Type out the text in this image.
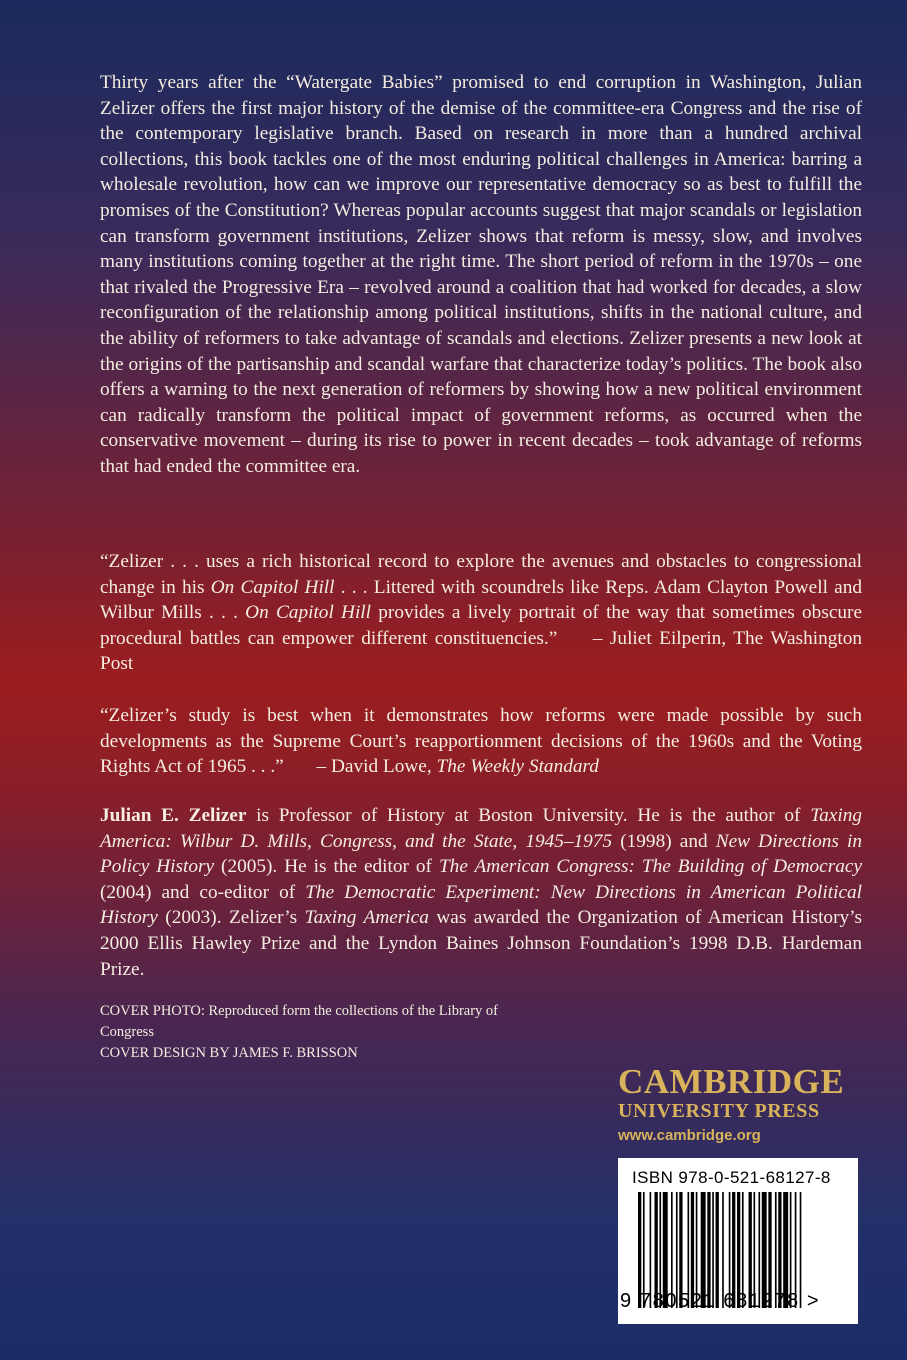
Thirty years after the “Watergate Babies” promised to end corruption in Washington, Julian Zelizer offers the first major history of the demise of the committee-era Congress and the rise of the contemporary legislative branch. Based on research in more than a hundred archival collections, this book tackles one of the most enduring political challenges in America: barring a wholesale revolution, how can we improve our representative democracy so as best to fulfill the promises of the Constitution? Whereas popular accounts suggest that major scandals or legislation can transform government institutions, Zelizer shows that reform is messy, slow, and involves many institutions coming together at the right time. The short period of reform in the 1970s – one that rivaled the Progressive Era – revolved around a coalition that had worked for decades, a slow reconfiguration of the relationship among political institutions, shifts in the national culture, and the ability of reformers to take advantage of scandals and elections. Zelizer presents a new look at the origins of the partisanship and scandal warfare that characterize today’s politics. The book also offers a warning to the next generation of reformers by showing how a new political environment can radically transform the political impact of government reforms, as occurred when the conservative movement – during its rise to power in recent decades – took advantage of reforms that had ended the committee era.

“Zelizer . . . uses a rich historical record to explore the avenues and obstacles to congressional change in his On Capitol Hill . . . Littered with scoundrels like Reps. Adam Clayton Powell and Wilbur Mills . . . On Capitol Hill provides a lively portrait of the way that sometimes obscure procedural battles can empower different constituencies.” – Juliet Eilperin, The Washington Post

“Zelizer’s study is best when it demonstrates how reforms were made possible by such developments as the Supreme Court’s reapportionment decisions of the 1960s and the Voting Rights Act of 1965 . . .” – David Lowe, The Weekly Standard

Julian E. Zelizer is Professor of History at Boston University. He is the author of Taxing America: Wilbur D. Mills, Congress, and the State, 1945–1975 (1998) and New Directions in Policy History (2005). He is the editor of The American Congress: The Building of Democracy (2004) and co-editor of The Democratic Experiment: New Directions in American Political History (2003). Zelizer’s Taxing America was awarded the Organization of American History’s 2000 Ellis Hawley Prize and the Lyndon Baines Johnson Foundation’s 1998 D.B. Hardeman Prize.

COVER PHOTO: Reproduced form the collections of the Library of Congress
COVER DESIGN BY JAMES F. BRISSON
CAMBRIDGE
UNIVERSITY PRESS
www.cambridge.org
ISBN 978-0-521-68127-8
9 780521 681278 >
